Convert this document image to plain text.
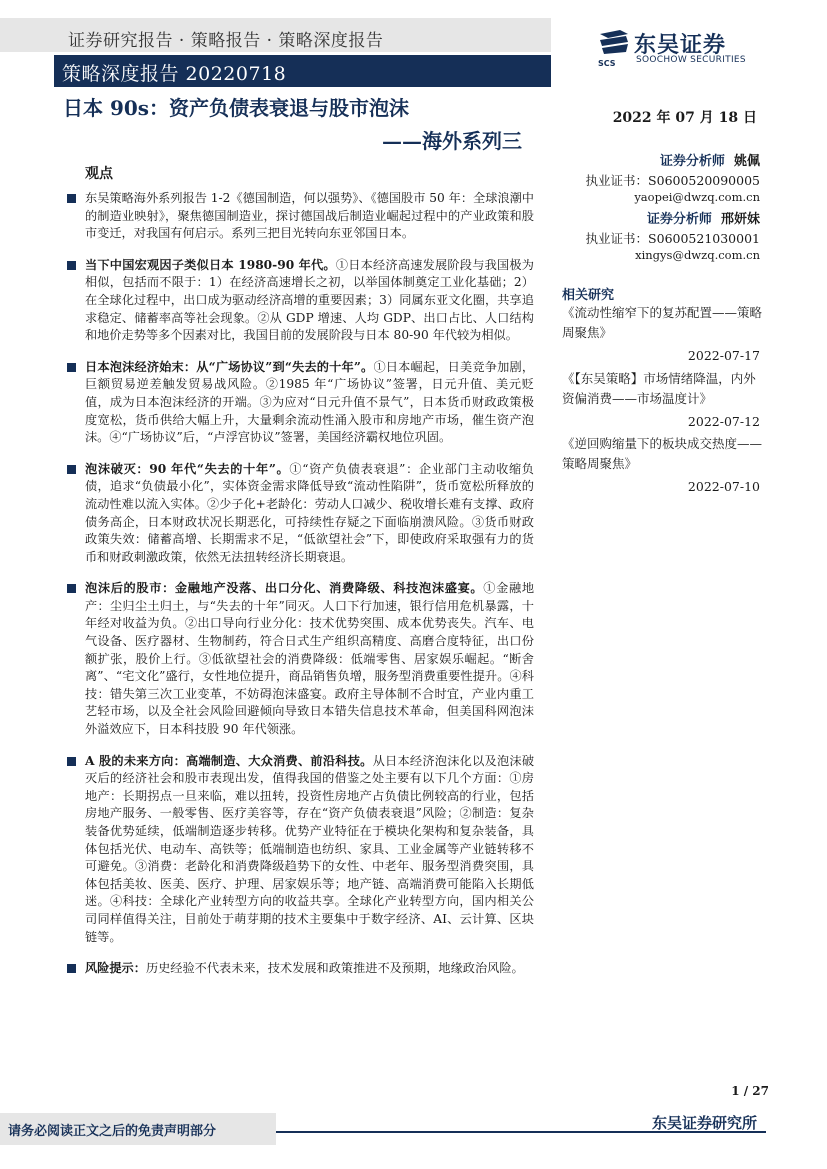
证券研究报告 · 策略报告 · 策略深度报告
策略深度报告 20220718	SCS
东吴证券
SOOCHOW SECURITIES
日本 90s：资产负债表衰退与股市泡沫
——海外系列三
2022 年 07 月 18 日
观点
东吴策略海外系列报告 1-2《德国制造，何以强势》、《德国股市 50 年：全球浪潮中的制造业映射》，聚焦德国制造业，探讨德国战后制造业崛起过程中的产业政策和股市变迁，对我国有何启示。系列三把目光转向东亚邻国日本。
当下中国宏观因子类似日本 1980-90 年代。①日本经济高速发展阶段与我国极为相似，包括而不限于：1）在经济高速增长之初，以举国体制奠定工业化基础；2）在全球化过程中，出口成为驱动经济高增的重要因素；3）同属东亚文化圈，共享追求稳定、储蓄率高等社会现象。②从 GDP 增速、人均 GDP、出口占比、人口结构和地价走势等多个因素对比，我国目前的发展阶段与日本 80-90 年代较为相似。
日本泡沫经济始末：从“广场协议”到“失去的十年”。①日本崛起，日美竞争加剧，巨额贸易逆差触发贸易战风险。②1985 年“广场协议”签署，日元升值、美元贬值，成为日本泡沫经济的开端。③为应对“日元升值不景气”，日本货币财政政策极度宽松，货币供给大幅上升，大量剩余流动性涌入股市和房地产市场，催生资产泡沫。④“广场协议”后，“卢浮宫协议”签署，美国经济霸权地位巩固。
泡沫破灭：90 年代“失去的十年”。①“资产负债表衰退”：企业部门主动收缩负债，追求“负债最小化”，实体资金需求降低导致“流动性陷阱”，货币宽松所释放的流动性难以流入实体。②少子化+老龄化：劳动人口减少、税收增长难有支撑、政府债务高企，日本财政状况长期恶化，可持续性存疑之下面临崩溃风险。③货币财政政策失效：储蓄高增、长期需求不足，“低欲望社会”下，即使政府采取强有力的货币和财政刺激政策，依然无法扭转经济长期衰退。
泡沫后的股市：金融地产没落、出口分化、消费降级、科技泡沫盛宴。①金融地产：尘归尘土归土，与“失去的十年”同灭。人口下行加速，银行信用危机暴露，十年经对收益为负。②出口导向行业分化：技术优势突围、成本优势丧失。汽车、电气设备、医疗器材、生物制药，符合日式生产组织高精度、高磨合度特征，出口份额扩张，股价上行。③低欲望社会的消费降级：低端零售、居家娱乐崛起。“断舍离”、“宅文化”盛行，女性地位提升，商品销售负增，服务型消费重要性提升。④科技：错失第三次工业变革，不妨碍泡沫盛宴。政府主导体制不合时宜，产业内重工艺轻市场，以及全社会风险回避倾向导致日本错失信息技术革命，但美国科网泡沫外溢效应下，日本科技股 90 年代领涨。
A 股的未来方向：高端制造、大众消费、前沿科技。从日本经济泡沫化以及泡沫破灭后的经济社会和股市表现出发，值得我国的借鉴之处主要有以下几个方面：①房地产：长期拐点一旦来临，难以扭转，投资性房地产占负债比例较高的行业，包括房地产服务、一般零售、医疗美容等，存在“资产负债表衰退”风险；②制造：复杂装备优势延续，低端制造逐步转移。优势产业特征在于模块化架构和复杂装备，具体包括光伏、电动车、高铁等；低端制造也纺织、家具、工业金属等产业链转移不可避免。③消费：老龄化和消费降级趋势下的女性、中老年、服务型消费突围，具体包括美妆、医美、医疗、护理、居家娱乐等；地产链、高端消费可能陷入长期低迷。④科技：全球化产业转型方向的收益共享。全球化产业转型方向，国内相关公司同样值得关注，目前处于萌芽期的技术主要集中于数字经济、AI、云计算、区块链等。
风险提示：历史经验不代表未来，技术发展和政策推进不及预期，地缘政治风险。
证券分析师 姚佩
执业证书：S0600520090005
yaopei@dwzq.com.cn
证券分析师 邢妍妹
执业证书：S0600521030001
xingys@dwzq.com.cn
相关研究
《流动性缩窄下的复苏配置——策略周聚焦》
2022-07-17
《【东吴策略】市场情绪降温，内外资偏消费——市场温度计》
2022-07-12
《逆回购缩量下的板块成交热度——策略周聚焦》
2022-07-10
1 / 27
请务必阅读正文之后的免责声明部分	东吴证券研究所
